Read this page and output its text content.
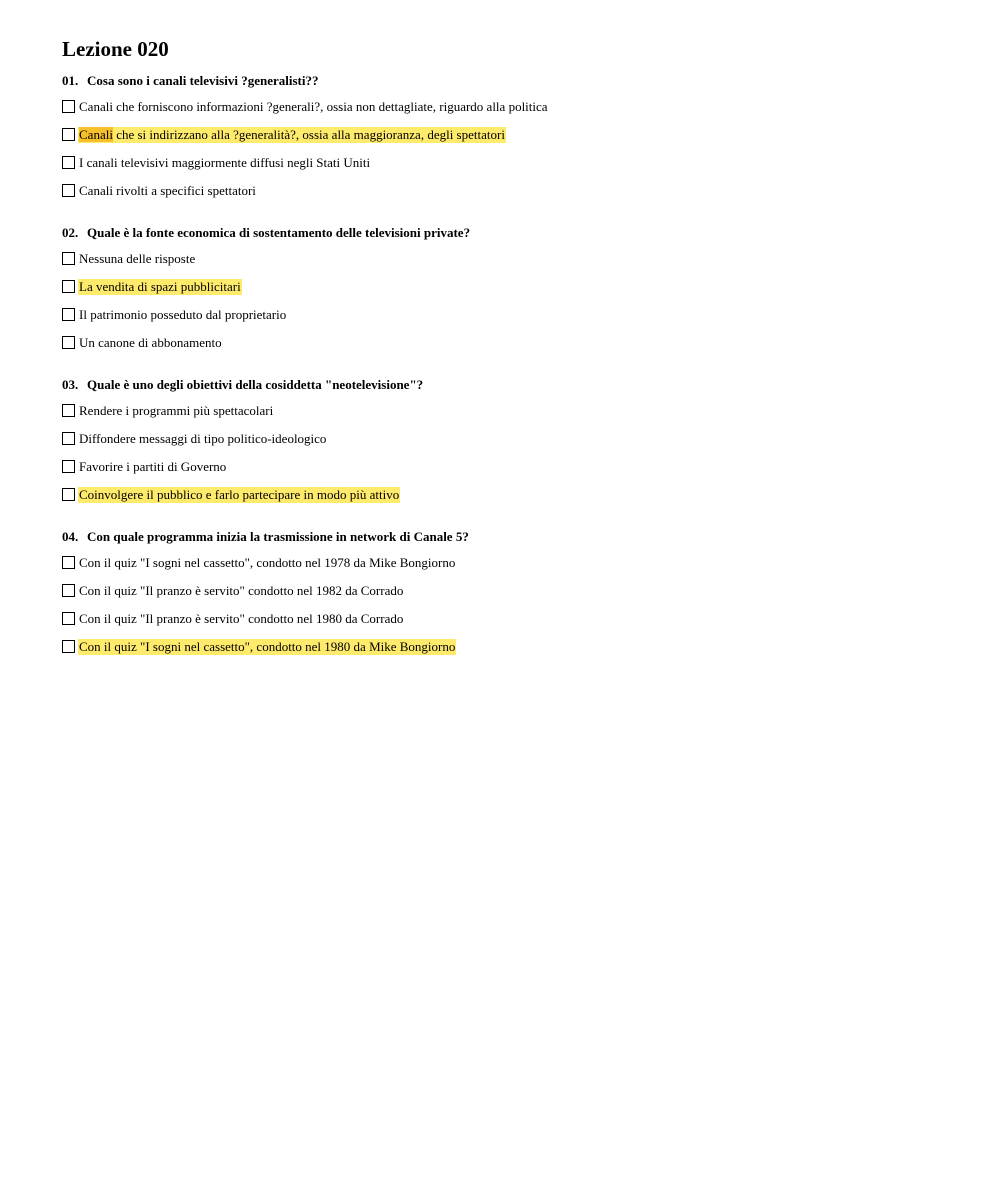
Lezione 020
01. Cosa sono i canali televisivi ?generalisti??
Canali che forniscono informazioni ?generali?, ossia non dettagliate, riguardo alla politica
Canali che si indirizzano alla ?generalità?, ossia alla maggioranza, degli spettatori
I canali televisivi maggiormente diffusi negli Stati Uniti
Canali rivolti a specifici spettatori
02. Quale è la fonte economica di sostentamento delle televisioni private?
Nessuna delle risposte
La vendita di spazi pubblicitari
Il patrimonio posseduto dal proprietario
Un canone di abbonamento
03. Quale è uno degli obiettivi della cosiddetta "neotelevisione"?
Rendere i programmi più spettacolari
Diffondere messaggi di tipo politico-ideologico
Favorire i partiti di Governo
Coinvolgere il pubblico e farlo partecipare in modo più attivo
04. Con quale programma inizia la trasmissione in network di Canale 5?
Con il quiz "I sogni nel cassetto", condotto nel 1978 da Mike Bongiorno
Con il quiz "Il pranzo è servito" condotto nel 1982 da Corrado
Con il quiz "Il pranzo è servito" condotto nel 1980 da Corrado
Con il quiz "I sogni nel cassetto", condotto nel 1980 da Mike Bongiorno
